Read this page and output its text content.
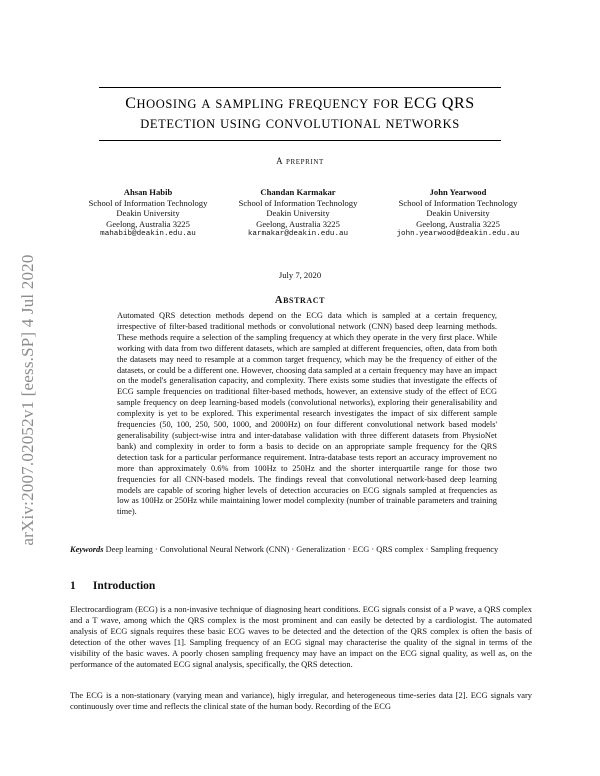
arXiv:2007.02052v1 [eess.SP] 4 Jul 2020
CHOOSING A SAMPLING FREQUENCY FOR ECG QRS
DETECTION USING CONVOLUTIONAL NETWORKS
A PREPRINT
Ahsan Habib
School of Information Technology
Deakin University
Geelong, Australia 3225
mahabib@deakin.edu.au
Chandan Karmakar
School of Information Technology
Deakin University
Geelong, Australia 3225
karmakar@deakin.edu.au
John Yearwood
School of Information Technology
Deakin University
Geelong, Australia 3225
john.yearwood@deakin.edu.au
July 7, 2020
ABSTRACT
Automated QRS detection methods depend on the ECG data which is sampled at a certain frequency, irrespective of filter-based traditional methods or convolutional network (CNN) based deep learning methods. These methods require a selection of the sampling frequency at which they operate in the very first place. While working with data from two different datasets, which are sampled at different frequencies, often, data from both the datasets may need to resample at a common target frequency, which may be the frequency of either of the datasets, or could be a different one. However, choosing data sampled at a certain frequency may have an impact on the model's generalisation capacity, and complexity. There exists some studies that investigate the effects of ECG sample frequencies on traditional filter-based methods, however, an extensive study of the effect of ECG sample frequency on deep learning-based models (convolutional networks), exploring their generalisability and complexity is yet to be explored. This experimental research investigates the impact of six different sample frequencies (50, 100, 250, 500, 1000, and 2000Hz) on four different convolutional network based models' generalisability (subject-wise intra and inter-database validation with three different datasets from PhysioNet bank) and complexity in order to form a basis to decide on an appropriate sample frequency for the QRS detection task for a particular performance requirement. Intra-database tests report an accuracy improvement no more than approximately 0.6% from 100Hz to 250Hz and the shorter interquartile range for those two frequencies for all CNN-based models. The findings reveal that convolutional network-based deep learning models are capable of scoring higher levels of detection accuracies on ECG signals sampled at frequencies as low as 100Hz or 250Hz while maintaining lower model complexity (number of trainable parameters and training time).
Keywords Deep learning · Convolutional Neural Network (CNN) · Generalization · ECG · QRS complex · Sampling frequency
1 Introduction
Electrocardiogram (ECG) is a non-invasive technique of diagnosing heart conditions. ECG signals consist of a P wave, a QRS complex and a T wave, among which the QRS complex is the most prominent and can easily be detected by a cardiologist. The automated analysis of ECG signals requires these basic ECG waves to be detected and the detection of the QRS complex is often the basis of detection of the other waves [1]. Sampling frequency of an ECG signal may characterise the quality of the signal in terms of the visibility of the basic waves. A poorly chosen sampling frequency may have an impact on the ECG signal quality, as well as, on the performance of the automated ECG signal analysis, specifically, the QRS detection.
The ECG is a non-stationary (varying mean and variance), higly irregular, and heterogeneous time-series data [2]. ECG signals vary continuously over time and reflects the clinical state of the human body. Recording of the ECG
